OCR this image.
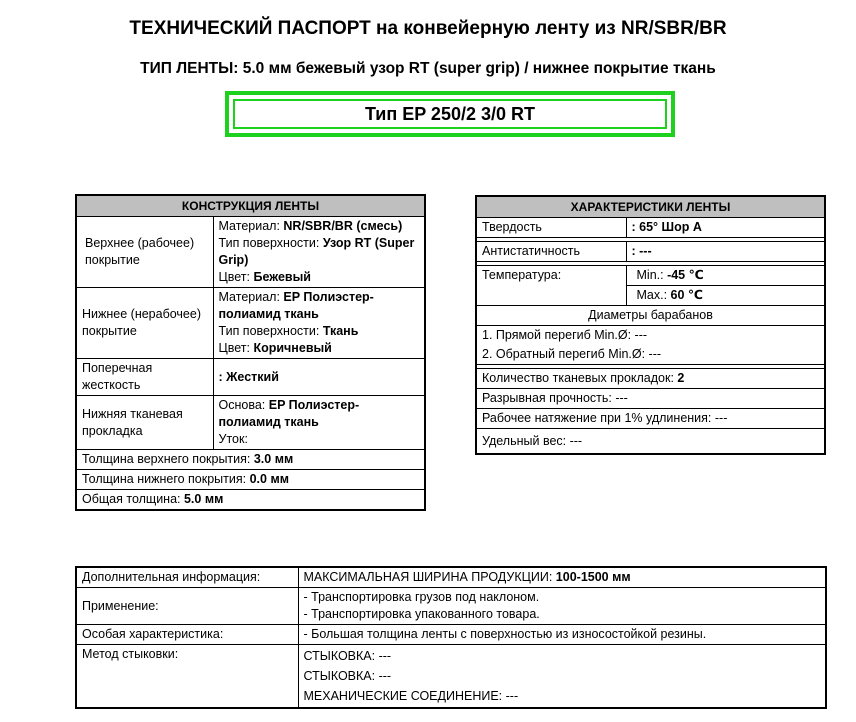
ТЕХНИЧЕСКИЙ ПАСПОРТ на конвейерную ленту из NR/SBR/BR
ТИП ЛЕНТЫ: 5.0 мм бежевый узор RT (super grip) / нижнее покрытие ткань
Тип EP 250/2 3/0 RT
КОНСТРУКЦИЯ ЛЕНТЫ	
Верхнее (рабочее) покрытие	Материал: NR/SBR/BR (смесь)
Тип поверхности: Узор RT (Super Grip)
Цвет: Бежевый

Нижнее (нерабочее) покрытие	Материал: EP Полиэстер-полиамид ткань
Тип поверхности: Ткань
Цвет: Коричневый

Поперечная жесткость	: Жесткий
Нижняя тканевая прокладка	Основа: EP Полиэстер-полиамид ткань
Уток:

Толщина верхнего покрытия: 3.0 мм	
Толщина нижнего покрытия: 0.0 мм	
Общая толщина: 5.0 мм	
ХАРАКТЕРИСТИКИ ЛЕНТЫ	
Твердость	: 65° Шор A

Антистатичность	: ---

Температура:	Min.: -45 ℃
	Max.: 60 ℃
Диаметры барабанов	
1. Прямой перегиб Min.Ø: ---	
2. Обратный перегиб Min.Ø: ---	

Количество тканевых прокладок: 2	
Разрывная прочность: ---	
Рабочее натяжение при 1% удлинения: ---	
Удельный вес: ---	
Дополнительная информация:	МАКСИМАЛЬНАЯ ШИРИНА ПРОДУКЦИИ: 100-1500 мм
Применение:	- Транспортировка грузов под наклоном.
- Транспортировка упакованного товара.

Особая характеристика:	- Большая толщина ленты с поверхностью из износостойкой резины.
Метод стыковки:	СТЫКОВКА: ---
СТЫКОВКА: ---
МЕХАНИЧЕСКИЕ СОЕДИНЕНИЕ: ---
